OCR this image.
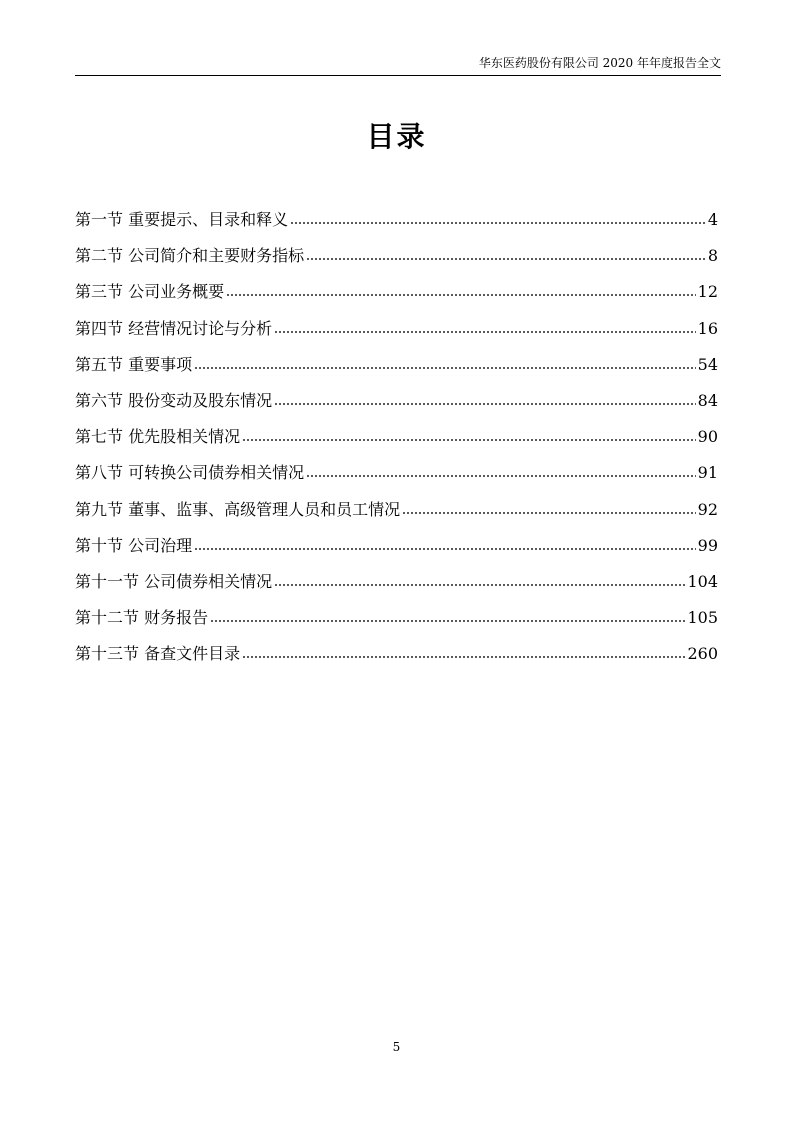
华东医药股份有限公司 2020 年年度报告全文
目录
第一节 重要提示、目录和释义	4
第二节 公司简介和主要财务指标	8
第三节 公司业务概要	12
第四节 经营情况讨论与分析	16
第五节 重要事项	54
第六节 股份变动及股东情况	84
第七节 优先股相关情况	90
第八节 可转换公司债券相关情况	91
第九节 董事、监事、高级管理人员和员工情况	92
第十节 公司治理	99
第十一节 公司债券相关情况	104
第十二节 财务报告	105
第十三节 备查文件目录	260
5
